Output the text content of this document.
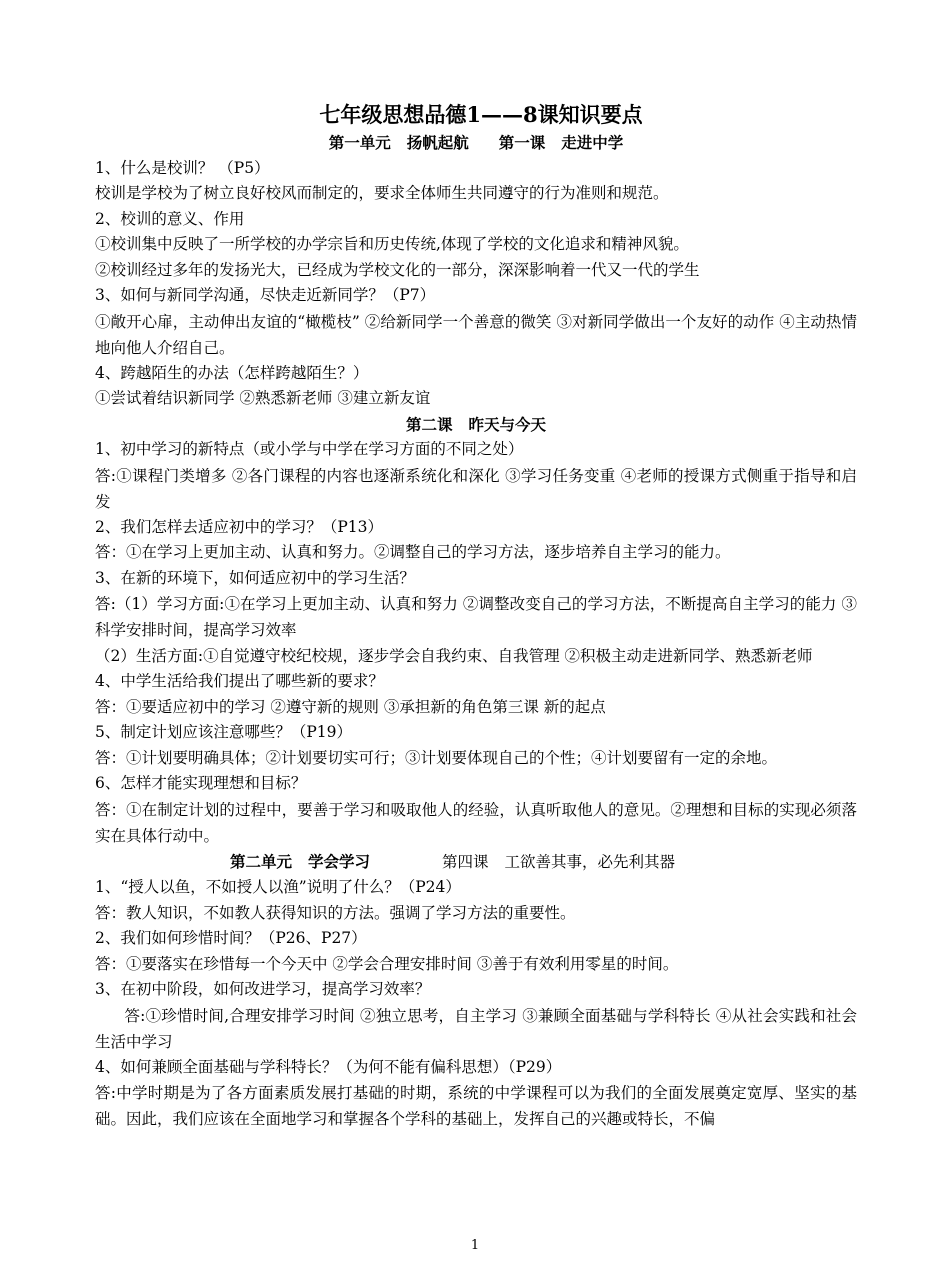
七年级思想品德1——8课知识要点
第一单元 扬帆起航 第一课 走进中学
1、什么是校训？ （P5）
校训是学校为了树立良好校风而制定的，要求全体师生共同遵守的行为准则和规范。
2、校训的意义、作用
①校训集中反映了一所学校的办学宗旨和历史传统,体现了学校的文化追求和精神风貌。
②校训经过多年的发扬光大，已经成为学校文化的一部分，深深影响着一代又一代的学生
3、如何与新同学沟通，尽快走近新同学？（P7）
①敞开心扉，主动伸出友谊的“橄榄枝” ②给新同学一个善意的微笑 ③对新同学做出一个友好的动作 ④主动热情地向他人介绍自己。
4、跨越陌生的办法（怎样跨越陌生？）
①尝试着结识新同学 ②熟悉新老师 ③建立新友谊
第二课 昨天与今天
1、初中学习的新特点（或小学与中学在学习方面的不同之处）
答:①课程门类增多 ②各门课程的内容也逐渐系统化和深化 ③学习任务变重 ④老师的授课方式侧重于指导和启发
2、我们怎样去适应初中的学习？（P13）
答：①在学习上更加主动、认真和努力。②调整自己的学习方法，逐步培养自主学习的能力。
3、在新的环境下，如何适应初中的学习生活？
答:（1）学习方面:①在学习上更加主动、认真和努力 ②调整改变自己的学习方法，不断提高自主学习的能力 ③科学安排时间，提高学习效率
（2）生活方面:①自觉遵守校纪校规，逐步学会自我约束、自我管理 ②积极主动走进新同学、熟悉新老师
4、中学生活给我们提出了哪些新的要求？
答：①要适应初中的学习 ②遵守新的规则 ③承担新的角色第三课 新的起点
5、制定计划应该注意哪些？（P19）
答：①计划要明确具体；②计划要切实可行；③计划要体现自己的个性；④计划要留有一定的余地。
6、怎样才能实现理想和目标？
答：①在制定计划的过程中，要善于学习和吸取他人的经验，认真听取他人的意见。②理想和目标的实现必须落实在具体行动中。
第二单元 学会学习	第四课 工欲善其事，必先利其器
1、“授人以鱼，不如授人以渔”说明了什么？（P24）
答：教人知识，不如教人获得知识的方法。强调了学习方法的重要性。
2、我们如何珍惜时间？（P26、P27）
答：①要落实在珍惜每一个今天中 ②学会合理安排时间 ③善于有效利用零星的时间。
3、在初中阶段，如何改进学习，提高学习效率？
答:①珍惜时间,合理安排学习时间 ②独立思考，自主学习 ③兼顾全面基础与学科特长 ④从社会实践和社会生活中学习
4、如何兼顾全面基础与学科特长？（为何不能有偏科思想）（P29）
答:中学时期是为了各方面素质发展打基础的时期，系统的中学课程可以为我们的全面发展奠定宽厚、坚实的基础。因此，我们应该在全面地学习和掌握各个学科的基础上，发挥自己的兴趣或特长，不偏
1
